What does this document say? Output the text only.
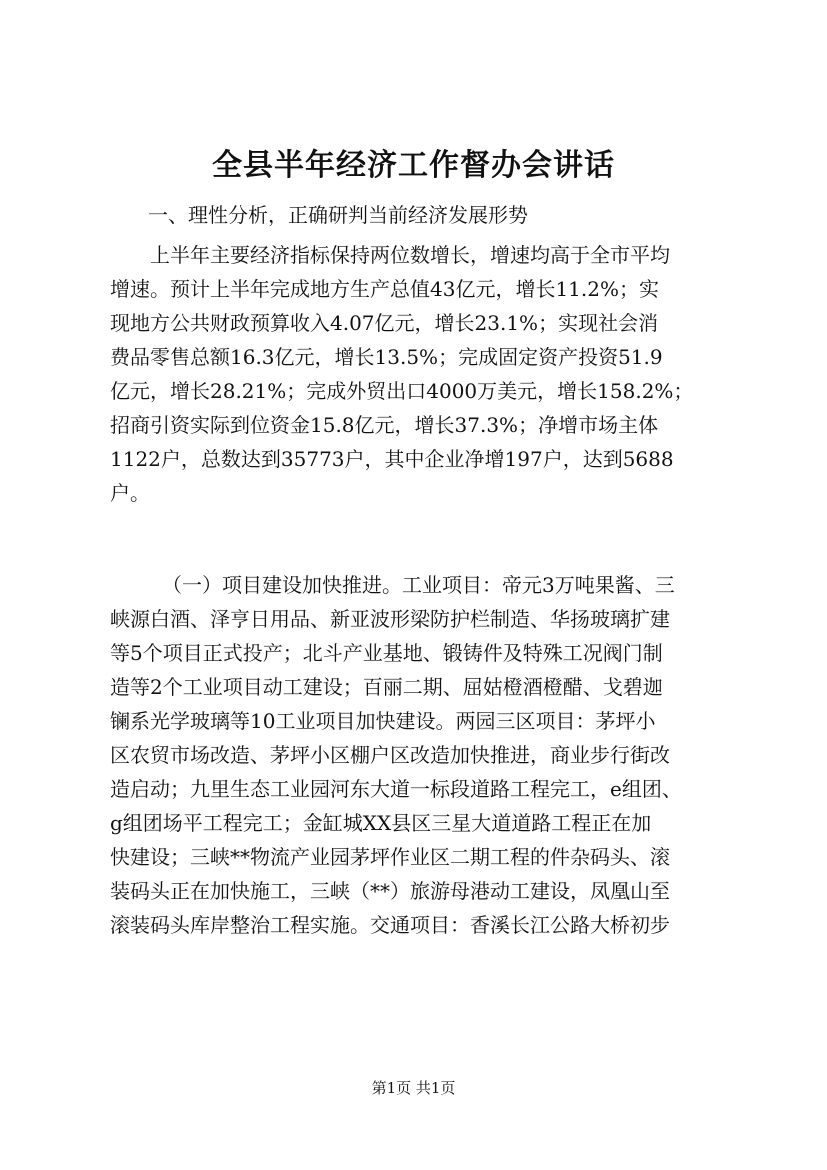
全县半年经济工作督办会讲话

一、理性分析，正确研判当前经济发展形势

上半年主要经济指标保持两位数增长，增速均高于全市平均
增速。预计上半年完成地方生产总值43亿元，增长11.2%；实
现地方公共财政预算收入4.07亿元，增长23.1%；实现社会消
费品零售总额16.3亿元，增长13.5%；完成固定资产投资51.9
亿元，增长28.21%；完成外贸出口4000万美元，增长158.2%；
招商引资实际到位资金15.8亿元，增长37.3%；净增市场主体
1122户，总数达到35773户，其中企业净增197户，达到5688
户。
（一）项目建设加快推进。工业项目：帝元3万吨果酱、三
峡源白酒、泽亨日用品、新亚波形梁防护栏制造、华扬玻璃扩建
等5个项目正式投产；北斗产业基地、锻铸件及特殊工况阀门制
造等2个工业项目动工建设；百丽二期、屈姑橙酒橙醋、戈碧迦
镧系光学玻璃等10工业项目加快建设。两园三区项目：茅坪小
区农贸市场改造、茅坪小区棚户区改造加快推进，商业步行街改
造启动；九里生态工业园河东大道一标段道路工程完工，e组团、
g组团场平工程完工；金缸城XX县区三星大道道路工程正在加
快建设；三峡**物流产业园茅坪作业区二期工程的件杂码头、滚
装码头正在加快施工，三峡（**）旅游母港动工建设，凤凰山至
滚装码头库岸整治工程实施。交通项目：香溪长江公路大桥初步
第1页 共1页
